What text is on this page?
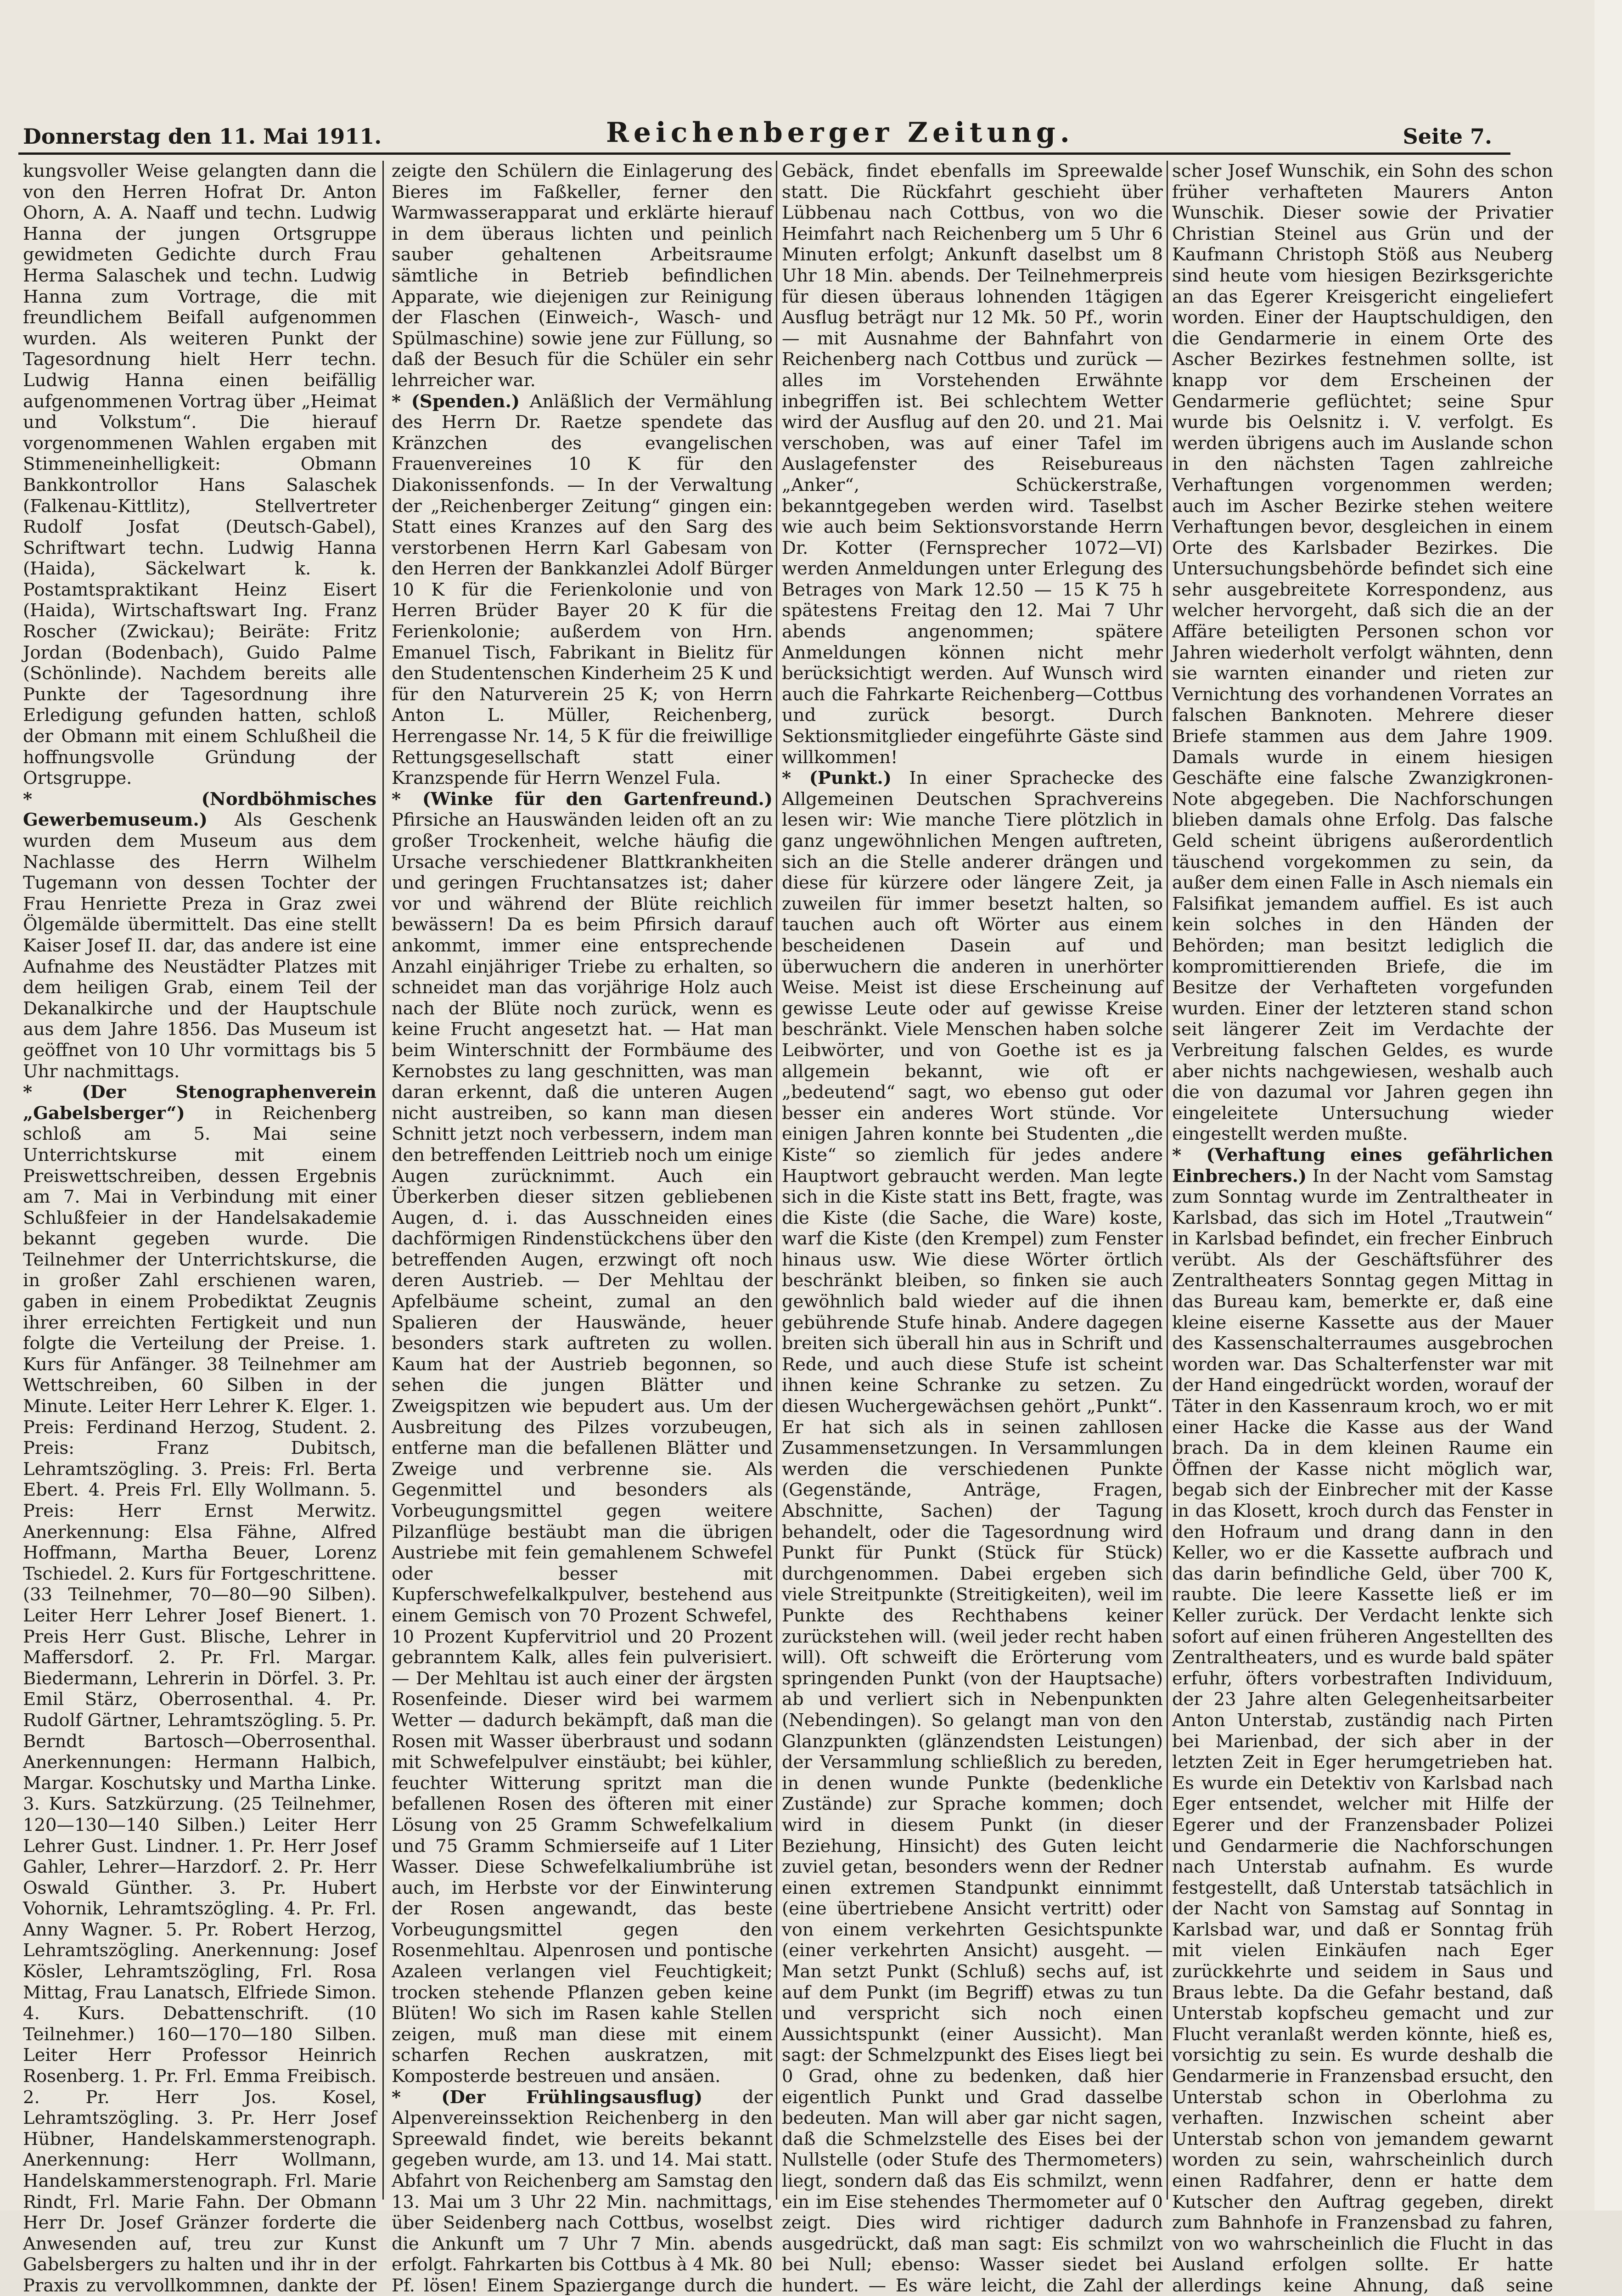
Donnerstag den 11. Mai 1911.	Reichenberger Zeitung.	Seite 7.

kungsvoller Weise gelangten dann die von den Herren Hofrat Dr. Anton Ohorn, A. A. Naaff und techn. Ludwig Hanna der jungen Ortsgruppe gewidmeten Gedichte durch Frau Herma Salaschek und techn. Ludwig Hanna zum Vortrage, die mit freundlichem Beifall aufgenommen wurden. Als weiteren Punkt der Tagesordnung hielt Herr techn. Ludwig Hanna einen beifällig aufgenommenen Vortrag über „Heimat und Volkstum“. Die hierauf vorgenommenen Wahlen ergaben mit Stimmeneinhelligkeit: Obmann Bankkontrollor Hans Salaschek (Falkenau-Kittlitz), Stellvertreter Rudolf Josfat (Deutsch-Gabel), Schriftwart techn. Ludwig Hanna (Haida), Säckelwart k. k. Postamtspraktikant Heinz Eisert (Haida), Wirtschaftswart Ing. Franz Roscher (Zwickau); Beiräte: Fritz Jordan (Bodenbach), Guido Palme (Schönlinde). Nachdem bereits alle Punkte der Tagesordnung ihre Erledigung gefunden hatten, schloß der Obmann mit einem Schlußheil die hoffnungsvolle Gründung der Ortsgruppe.

* (Nordböhmisches Gewerbemuseum.) Als Geschenk wurden dem Museum aus dem Nachlasse des Herrn Wilhelm Tugemann von dessen Tochter der Frau Henriette Preza in Graz zwei Ölgemälde übermittelt. Das eine stellt Kaiser Josef II. dar, das andere ist eine Aufnahme des Neustädter Platzes mit dem heiligen Grab, einem Teil der Dekanalkirche und der Hauptschule aus dem Jahre 1856. Das Museum ist geöffnet von 10 Uhr vormittags bis 5 Uhr nachmittags.

* (Der Stenographenverein „Gabelsberger“) in Reichenberg schloß am 5. Mai seine Unterrichtskurse mit einem Preiswettschreiben, dessen Ergebnis am 7. Mai in Verbindung mit einer Schlußfeier in der Handelsakademie bekannt gegeben wurde. Die Teilnehmer der Unterrichtskurse, die in großer Zahl erschienen waren, gaben in einem Probediktat Zeugnis ihrer erreichten Fertigkeit und nun folgte die Verteilung der Preise. 1. Kurs für Anfänger. 38 Teilnehmer am Wettschreiben, 60 Silben in der Minute. Leiter Herr Lehrer K. Elger. 1. Preis: Ferdinand Herzog, Student. 2. Preis: Franz Dubitsch, Lehramtszögling. 3. Preis: Frl. Berta Ebert. 4. Preis Frl. Elly Wollmann. 5. Preis: Herr Ernst Merwitz. Anerkennung: Elsa Fähne, Alfred Hoffmann, Martha Beuer, Lorenz Tschiedel. 2. Kurs für Fortgeschrittene. (33 Teilnehmer, 70—80—90 Silben). Leiter Herr Lehrer Josef Bienert. 1. Preis Herr Gust. Blische, Lehrer in Maffersdorf. 2. Pr. Frl. Margar. Biedermann, Lehrerin in Dörfel. 3. Pr. Emil Stärz, Oberrosenthal. 4. Pr. Rudolf Gärtner, Lehramtszögling. 5. Pr. Berndt Bartosch—Oberrosenthal. Anerkennungen: Hermann Halbich, Margar. Koschutsky und Martha Linke. 3. Kurs. Satzkürzung. (25 Teilnehmer, 120—130—140 Silben.) Leiter Herr Lehrer Gust. Lindner. 1. Pr. Herr Josef Gahler, Lehrer—Harzdorf. 2. Pr. Herr Oswald Günther. 3. Pr. Hubert Vohornik, Lehramtszögling. 4. Pr. Frl. Anny Wagner. 5. Pr. Robert Herzog, Lehramtszögling. Anerkennung: Josef Kösler, Lehramtszögling, Frl. Rosa Mittag, Frau Lanatsch, Elfriede Simon. 4. Kurs. Debattenschrift. (10 Teilnehmer.) 160—170—180 Silben. Leiter Herr Professor Heinrich Rosenberg. 1. Pr. Frl. Emma Freibisch. 2. Pr. Herr Jos. Kosel, Lehramtszögling. 3. Pr. Herr Josef Hübner, Handelskammerstenograph. Anerkennung: Herr Wollmann, Handelskammerstenograph. Frl. Marie Rindt, Frl. Marie Fahn. Der Obmann Herr Dr. Josef Gränzer forderte die Anwesenden auf, treu zur Kunst Gabelsbergers zu halten und ihr in der Praxis zu vervollkommnen, dankte der

zeigte den Schülern die Einlagerung des Bieres im Faßkeller, ferner den Warmwasserapparat und erklärte hierauf in dem überaus lichten und peinlich sauber gehaltenen Arbeitsraume sämtliche in Betrieb befindlichen Apparate, wie diejenigen zur Reinigung der Flaschen (Einweich-, Wasch- und Spülmaschine) sowie jene zur Füllung, so daß der Besuch für die Schüler ein sehr lehrreicher war.

* (Spenden.) Anläßlich der Vermählung des Herrn Dr. Raetze spendete das Kränzchen des evangelischen Frauenvereines 10 K für den Diakonissenfonds. — In der Verwaltung der „Reichenberger Zeitung“ gingen ein: Statt eines Kranzes auf den Sarg des verstorbenen Herrn Karl Gabesam von den Herren der Bankkanzlei Adolf Bürger 10 K für die Ferienkolonie und von Herren Brüder Bayer 20 K für die Ferienkolonie; außerdem von Hrn. Emanuel Tisch, Fabrikant in Bielitz für den Studentenschen Kinderheim 25 K und für den Naturverein 25 K; von Herrn Anton L. Müller, Reichenberg, Herrengasse Nr. 14, 5 K für die freiwillige Rettungsgesellschaft statt einer Kranzspende für Herrn Wenzel Fula.

* (Winke für den Gartenfreund.) Pfirsiche an Hauswänden leiden oft an zu großer Trockenheit, welche häufig die Ursache verschiedener Blattkrankheiten und geringen Fruchtansatzes ist; daher vor und während der Blüte reichlich bewässern! Da es beim Pfirsich darauf ankommt, immer eine entsprechende Anzahl einjähriger Triebe zu erhalten, so schneidet man das vorjährige Holz auch nach der Blüte noch zurück, wenn es keine Frucht angesetzt hat. — Hat man beim Winterschnitt der Formbäume des Kernobstes zu lang geschnitten, was man daran erkennt, daß die unteren Augen nicht austreiben, so kann man diesen Schnitt jetzt noch verbessern, indem man den betreffenden Leittrieb noch um einige Augen zurücknimmt. Auch ein Überkerben dieser sitzen gebliebenen Augen, d. i. das Ausschneiden eines dachförmigen Rindenstückchens über den betreffenden Augen, erzwingt oft noch deren Austrieb. — Der Mehltau der Apfelbäume scheint, zumal an den Spalieren der Hauswände, heuer besonders stark auftreten zu wollen. Kaum hat der Austrieb begonnen, so sehen die jungen Blätter und Zweigspitzen wie bepudert aus. Um der Ausbreitung des Pilzes vorzubeugen, entferne man die befallenen Blätter und Zweige und verbrenne sie. Als Gegenmittel und besonders als Vorbeugungsmittel gegen weitere Pilzanflüge bestäubt man die übrigen Austriebe mit fein gemahlenem Schwefel oder besser mit Kupferschwefelkalkpulver, bestehend aus einem Gemisch von 70 Prozent Schwefel, 10 Prozent Kupfervitriol und 20 Prozent gebranntem Kalk, alles fein pulverisiert. — Der Mehltau ist auch einer der ärgsten Rosenfeinde. Dieser wird bei warmem Wetter — dadurch bekämpft, daß man die Rosen mit Wasser überbraust und sodann mit Schwefelpulver einstäubt; bei kühler, feuchter Witterung spritzt man die befallenen Rosen des öfteren mit einer Lösung von 25 Gramm Schwefelkalium und 75 Gramm Schmierseife auf 1 Liter Wasser. Diese Schwefelkaliumbrühe ist auch, im Herbste vor der Einwinterung der Rosen angewandt, das beste Vorbeugungsmittel gegen den Rosenmehltau. Alpenrosen und pontische Azaleen verlangen viel Feuchtigkeit; trocken stehende Pflanzen geben keine Blüten! Wo sich im Rasen kahle Stellen zeigen, muß man diese mit einem scharfen Rechen auskratzen, mit Komposterde bestreuen und ansäen.

* (Der Frühlingsausflug) der Alpenvereinssektion Reichenberg in den Spreewald findet, wie bereits bekannt gegeben wurde, am 13. und 14. Mai statt. Abfahrt von Reichenberg am Samstag den 13. Mai um 3 Uhr 22 Min. nachmittags, über Seidenberg nach Cottbus, woselbst die Ankunft um 7 Uhr 7 Min. abends erfolgt. Fahrkarten bis Cottbus à 4 Mk. 80 Pf. lösen! Einem Spaziergange durch die

Gebäck, findet ebenfalls im Spreewalde statt. Die Rückfahrt geschieht über Lübbenau nach Cottbus, von wo die Heimfahrt nach Reichenberg um 5 Uhr 6 Minuten erfolgt; Ankunft daselbst um 8 Uhr 18 Min. abends. Der Teilnehmerpreis für diesen überaus lohnenden 1tägigen Ausflug beträgt nur 12 Mk. 50 Pf., worin — mit Ausnahme der Bahnfahrt von Reichenberg nach Cottbus und zurück — alles im Vorstehenden Erwähnte inbegriffen ist. Bei schlechtem Wetter wird der Ausflug auf den 20. und 21. Mai verschoben, was auf einer Tafel im Auslagefenster des Reisebureaus „Anker“, Schückerstraße, bekanntgegeben werden wird. Taselbst wie auch beim Sektionsvorstande Herrn Dr. Kotter (Fernsprecher 1072—VI) werden Anmeldungen unter Erlegung des Betrages von Mark 12.50 — 15 K 75 h spätestens Freitag den 12. Mai 7 Uhr abends angenommen; spätere Anmeldungen können nicht mehr berücksichtigt werden. Auf Wunsch wird auch die Fahrkarte Reichenberg—Cottbus und zurück besorgt. Durch Sektionsmitglieder eingeführte Gäste sind willkommen!

* (Punkt.) In einer Sprachecke des Allgemeinen Deutschen Sprachvereins lesen wir: Wie manche Tiere plötzlich in ganz ungewöhnlichen Mengen auftreten, sich an die Stelle anderer drängen und diese für kürzere oder längere Zeit, ja zuweilen für immer besetzt halten, so tauchen auch oft Wörter aus einem bescheidenen Dasein auf und überwuchern die anderen in unerhörter Weise. Meist ist diese Erscheinung auf gewisse Leute oder auf gewisse Kreise beschränkt. Viele Menschen haben solche Leibwörter, und von Goethe ist es ja allgemein bekannt, wie oft er „bedeutend“ sagt, wo ebenso gut oder besser ein anderes Wort stünde. Vor einigen Jahren konnte bei Studenten „die Kiste“ so ziemlich für jedes andere Hauptwort gebraucht werden. Man legte sich in die Kiste statt ins Bett, fragte, was die Kiste (die Sache, die Ware) koste, warf die Kiste (den Krempel) zum Fenster hinaus usw. Wie diese Wörter örtlich beschränkt bleiben, so finken sie auch gewöhnlich bald wieder auf die ihnen gebührende Stufe hinab. Andere dagegen breiten sich überall hin aus in Schrift und Rede, und auch diese Stufe ist scheint ihnen keine Schranke zu setzen. Zu diesen Wuchergewächsen gehört „Punkt“. Er hat sich als in seinen zahllosen Zusammensetzungen. In Versammlungen werden die verschiedenen Punkte (Gegenstände, Anträge, Fragen, Abschnitte, Sachen) der Tagung behandelt, oder die Tagesordnung wird Punkt für Punkt (Stück für Stück) durchgenommen. Dabei ergeben sich viele Streitpunkte (Streitigkeiten), weil im Punkte des Rechthabens keiner zurückstehen will. (weil jeder recht haben will). Oft schweift die Erörterung vom springenden Punkt (von der Hauptsache) ab und verliert sich in Nebenpunkten (Nebendingen). So gelangt man von den Glanzpunkten (glänzendsten Leistungen) der Versammlung schließlich zu bereden, in denen wunde Punkte (bedenkliche Zustände) zur Sprache kommen; doch wird in diesem Punkt (in dieser Beziehung, Hinsicht) des Guten leicht zuviel getan, besonders wenn der Redner einen extremen Standpunkt einnimmt (eine übertriebene Ansicht vertritt) oder von einem verkehrten Gesichtspunkte (einer verkehrten Ansicht) ausgeht. — Man setzt Punkt (Schluß) sechs auf, ist auf dem Punkt (im Begriff) etwas zu tun und verspricht sich noch einen Aussichtspunkt (einer Aussicht). Man sagt: der Schmelzpunkt des Eises liegt bei 0 Grad, ohne zu bedenken, daß hier eigentlich Punkt und Grad dasselbe bedeuten. Man will aber gar nicht sagen, daß die Schmelzstelle des Eises bei der Nullstelle (oder Stufe des Thermometers) liegt, sondern daß das Eis schmilzt, wenn ein im Eise stehendes Thermometer auf 0 zeigt. Dies wird richtiger dadurch ausgedrückt, daß man sagt: Eis schmilzt bei Null; ebenso: Wasser siedet bei hundert. — Es wäre leicht, die Zahl der

scher Josef Wunschik, ein Sohn des schon früher verhafteten Maurers Anton Wunschik. Dieser sowie der Privatier Christian Steinel aus Grün und der Kaufmann Christoph Stöß aus Neuberg sind heute vom hiesigen Bezirksgerichte an das Egerer Kreisgericht eingeliefert worden. Einer der Hauptschuldigen, den die Gendarmerie in einem Orte des Ascher Bezirkes festnehmen sollte, ist knapp vor dem Erscheinen der Gendarmerie geflüchtet; seine Spur wurde bis Oelsnitz i. V. verfolgt. Es werden übrigens auch im Auslande schon in den nächsten Tagen zahlreiche Verhaftungen vorgenommen werden; auch im Ascher Bezirke stehen weitere Verhaftungen bevor, desgleichen in einem Orte des Karlsbader Bezirkes. Die Untersuchungsbehörde befindet sich eine sehr ausgebreitete Korrespondenz, aus welcher hervorgeht, daß sich die an der Affäre beteiligten Personen schon vor Jahren wiederholt verfolgt wähnten, denn sie warnten einander und rieten zur Vernichtung des vorhandenen Vorrates an falschen Banknoten. Mehrere dieser Briefe stammen aus dem Jahre 1909. Damals wurde in einem hiesigen Geschäfte eine falsche Zwanzigkronen-Note abgegeben. Die Nachforschungen blieben damals ohne Erfolg. Das falsche Geld scheint übrigens außerordentlich täuschend vorgekommen zu sein, da außer dem einen Falle in Asch niemals ein Falsifikat jemandem auffiel. Es ist auch kein solches in den Händen der Behörden; man besitzt lediglich die kompromittierenden Briefe, die im Besitze der Verhafteten vorgefunden wurden. Einer der letzteren stand schon seit längerer Zeit im Verdachte der Verbreitung falschen Geldes, es wurde aber nichts nachgewiesen, weshalb auch die von dazumal vor Jahren gegen ihn eingeleitete Untersuchung wieder eingestellt werden mußte.

* (Verhaftung eines gefährlichen Einbrechers.) In der Nacht vom Samstag zum Sonntag wurde im Zentraltheater in Karlsbad, das sich im Hotel „Trautwein“ in Karlsbad befindet, ein frecher Einbruch verübt. Als der Geschäftsführer des Zentraltheaters Sonntag gegen Mittag in das Bureau kam, bemerkte er, daß eine kleine eiserne Kassette aus der Mauer des Kassenschalterraumes ausgebrochen worden war. Das Schalterfenster war mit der Hand eingedrückt worden, worauf der Täter in den Kassenraum kroch, wo er mit einer Hacke die Kasse aus der Wand brach. Da in dem kleinen Raume ein Öffnen der Kasse nicht möglich war, begab sich der Einbrecher mit der Kasse in das Klosett, kroch durch das Fenster in den Hofraum und drang dann in den Keller, wo er die Kassette aufbrach und das darin befindliche Geld, über 700 K, raubte. Die leere Kassette ließ er im Keller zurück. Der Verdacht lenkte sich sofort auf einen früheren Angestellten des Zentraltheaters, und es wurde bald später erfuhr, öfters vorbestraften Individuum, der 23 Jahre alten Gelegenheitsarbeiter Anton Unterstab, zuständig nach Pirten bei Marienbad, der sich aber in der letzten Zeit in Eger herumgetrieben hat. Es wurde ein Detektiv von Karlsbad nach Eger entsendet, welcher mit Hilfe der Egerer und der Franzensbader Polizei und Gendarmerie die Nachforschungen nach Unterstab aufnahm. Es wurde festgestellt, daß Unterstab tatsächlich in der Nacht von Samstag auf Sonntag in Karlsbad war, und daß er Sonntag früh mit vielen Einkäufen nach Eger zurückkehrte und seidem in Saus und Braus lebte. Da die Gefahr bestand, daß Unterstab kopfscheu gemacht und zur Flucht veranlaßt werden könnte, hieß es, vorsichtig zu sein. Es wurde deshalb die Gendarmerie in Franzensbad ersucht, den Unterstab schon in Oberlohma zu verhaften. Inzwischen scheint aber Unterstab schon von jemandem gewarnt worden zu sein, wahrscheinlich durch einen Radfahrer, denn er hatte dem Kutscher den Auftrag gegeben, direkt zum Bahnhofe in Franzensbad zu fahren, von wo wahrscheinlich die Flucht in das Ausland erfolgen sollte. Er hatte allerdings keine Ahnung, daß seine
